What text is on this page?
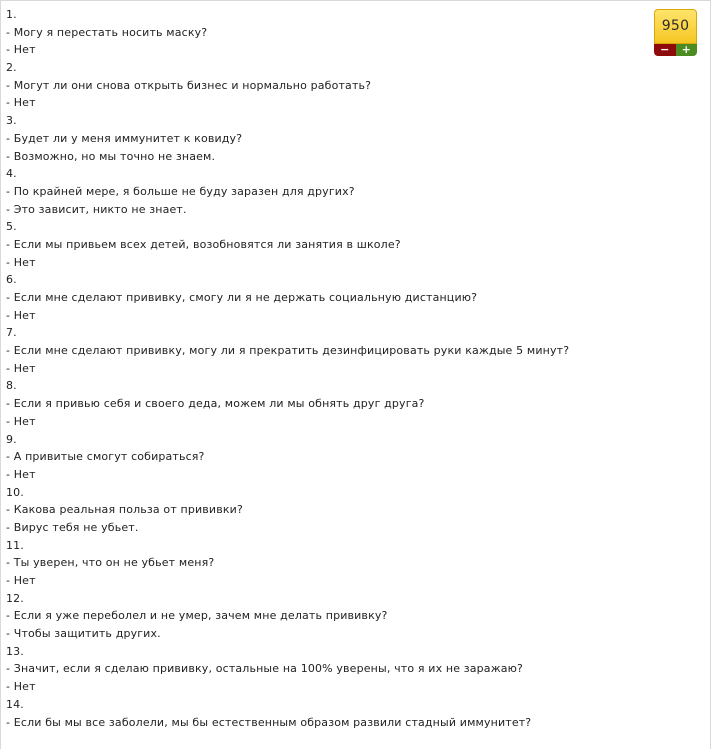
1.
- Могу я перестать носить маску?
- Нет
2.
- Могут ли они снова открыть бизнес и нормально работать?
- Нет
3.
- Будет ли у меня иммунитет к ковиду?
- Возможно, но мы точно не знаем.
4.
- По крайней мере, я больше не буду заразен для других?
- Это зависит, никто не знает.
5.
- Если мы привьем всех детей, возобновятся ли занятия в школе?
- Нет
6.
- Если мне сделают прививку, смогу ли я не держать социальную дистанцию?
- Нет
7.
- Если мне сделают прививку, могу ли я прекратить дезинфицировать руки каждые 5 минут?
- Нет
8.
- Если я привью себя и своего деда, можем ли мы обнять друг друга?
- Нет
9.
- А привитые смогут собираться?
- Нет
10.
- Какова реальная польза от прививки?
- Вирус тебя не убьет.
11.
- Ты уверен, что он не убьет меня?
- Нет
12.
- Если я уже переболел и не умер, зачем мне делать прививку?
- Чтобы защитить других.
13.
- Значит, если я сделаю прививку, остальные на 100% уверены, что я их не заражаю?
- Нет
14.
- Если бы мы все заболели, мы бы естественным образом развили стадный иммунитет?
950
−	+
